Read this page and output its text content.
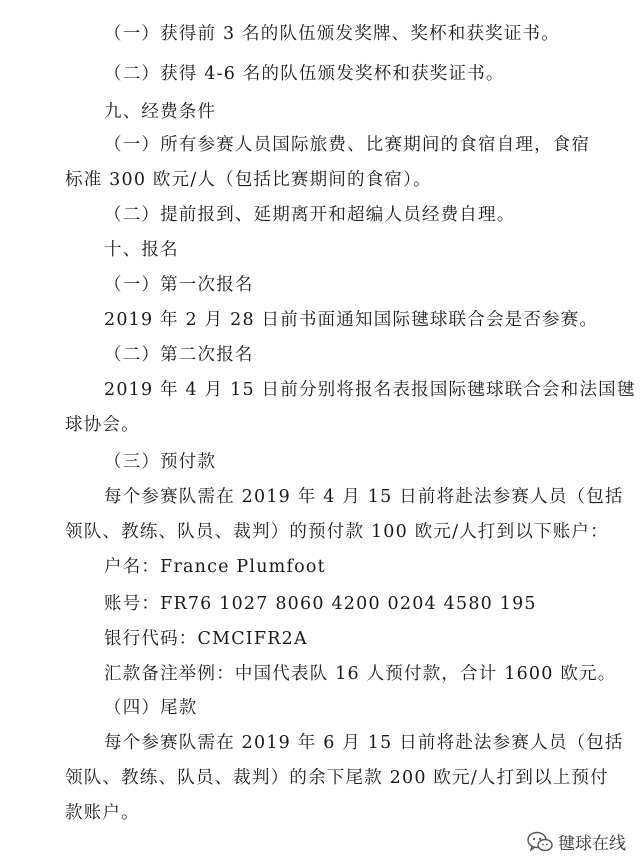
（一）获得前 3 名的队伍颁发奖牌、奖杯和获奖证书。
（二）获得 4-6 名的队伍颁发奖杯和获奖证书。
九、经费条件
（一）所有参赛人员国际旅费、比赛期间的食宿自理，食宿
标准 300 欧元/人（包括比赛期间的食宿）。
（二）提前报到、延期离开和超编人员经费自理。
十、报名
（一）第一次报名
2019 年 2 月 28 日前书面通知国际毽球联合会是否参赛。
（二）第二次报名
2019 年 4 月 15 日前分别将报名表报国际毽球联合会和法国毽
球协会。
（三）预付款
每个参赛队需在 2019 年 4 月 15 日前将赴法参赛人员（包括
领队、教练、队员、裁判）的预付款 100 欧元/人打到以下账户：
户名：France Plumfoot
账号：FR76 1027 8060 4200 0204 4580 195
银行代码：CMCIFR2A
汇款备注举例：中国代表队 16 人预付款，合计 1600 欧元。
（四）尾款
每个参赛队需在 2019 年 6 月 15 日前将赴法参赛人员（包括
领队、教练、队员、裁判）的余下尾款 200 欧元/人打到以上预付
款账户。
毽球在线
